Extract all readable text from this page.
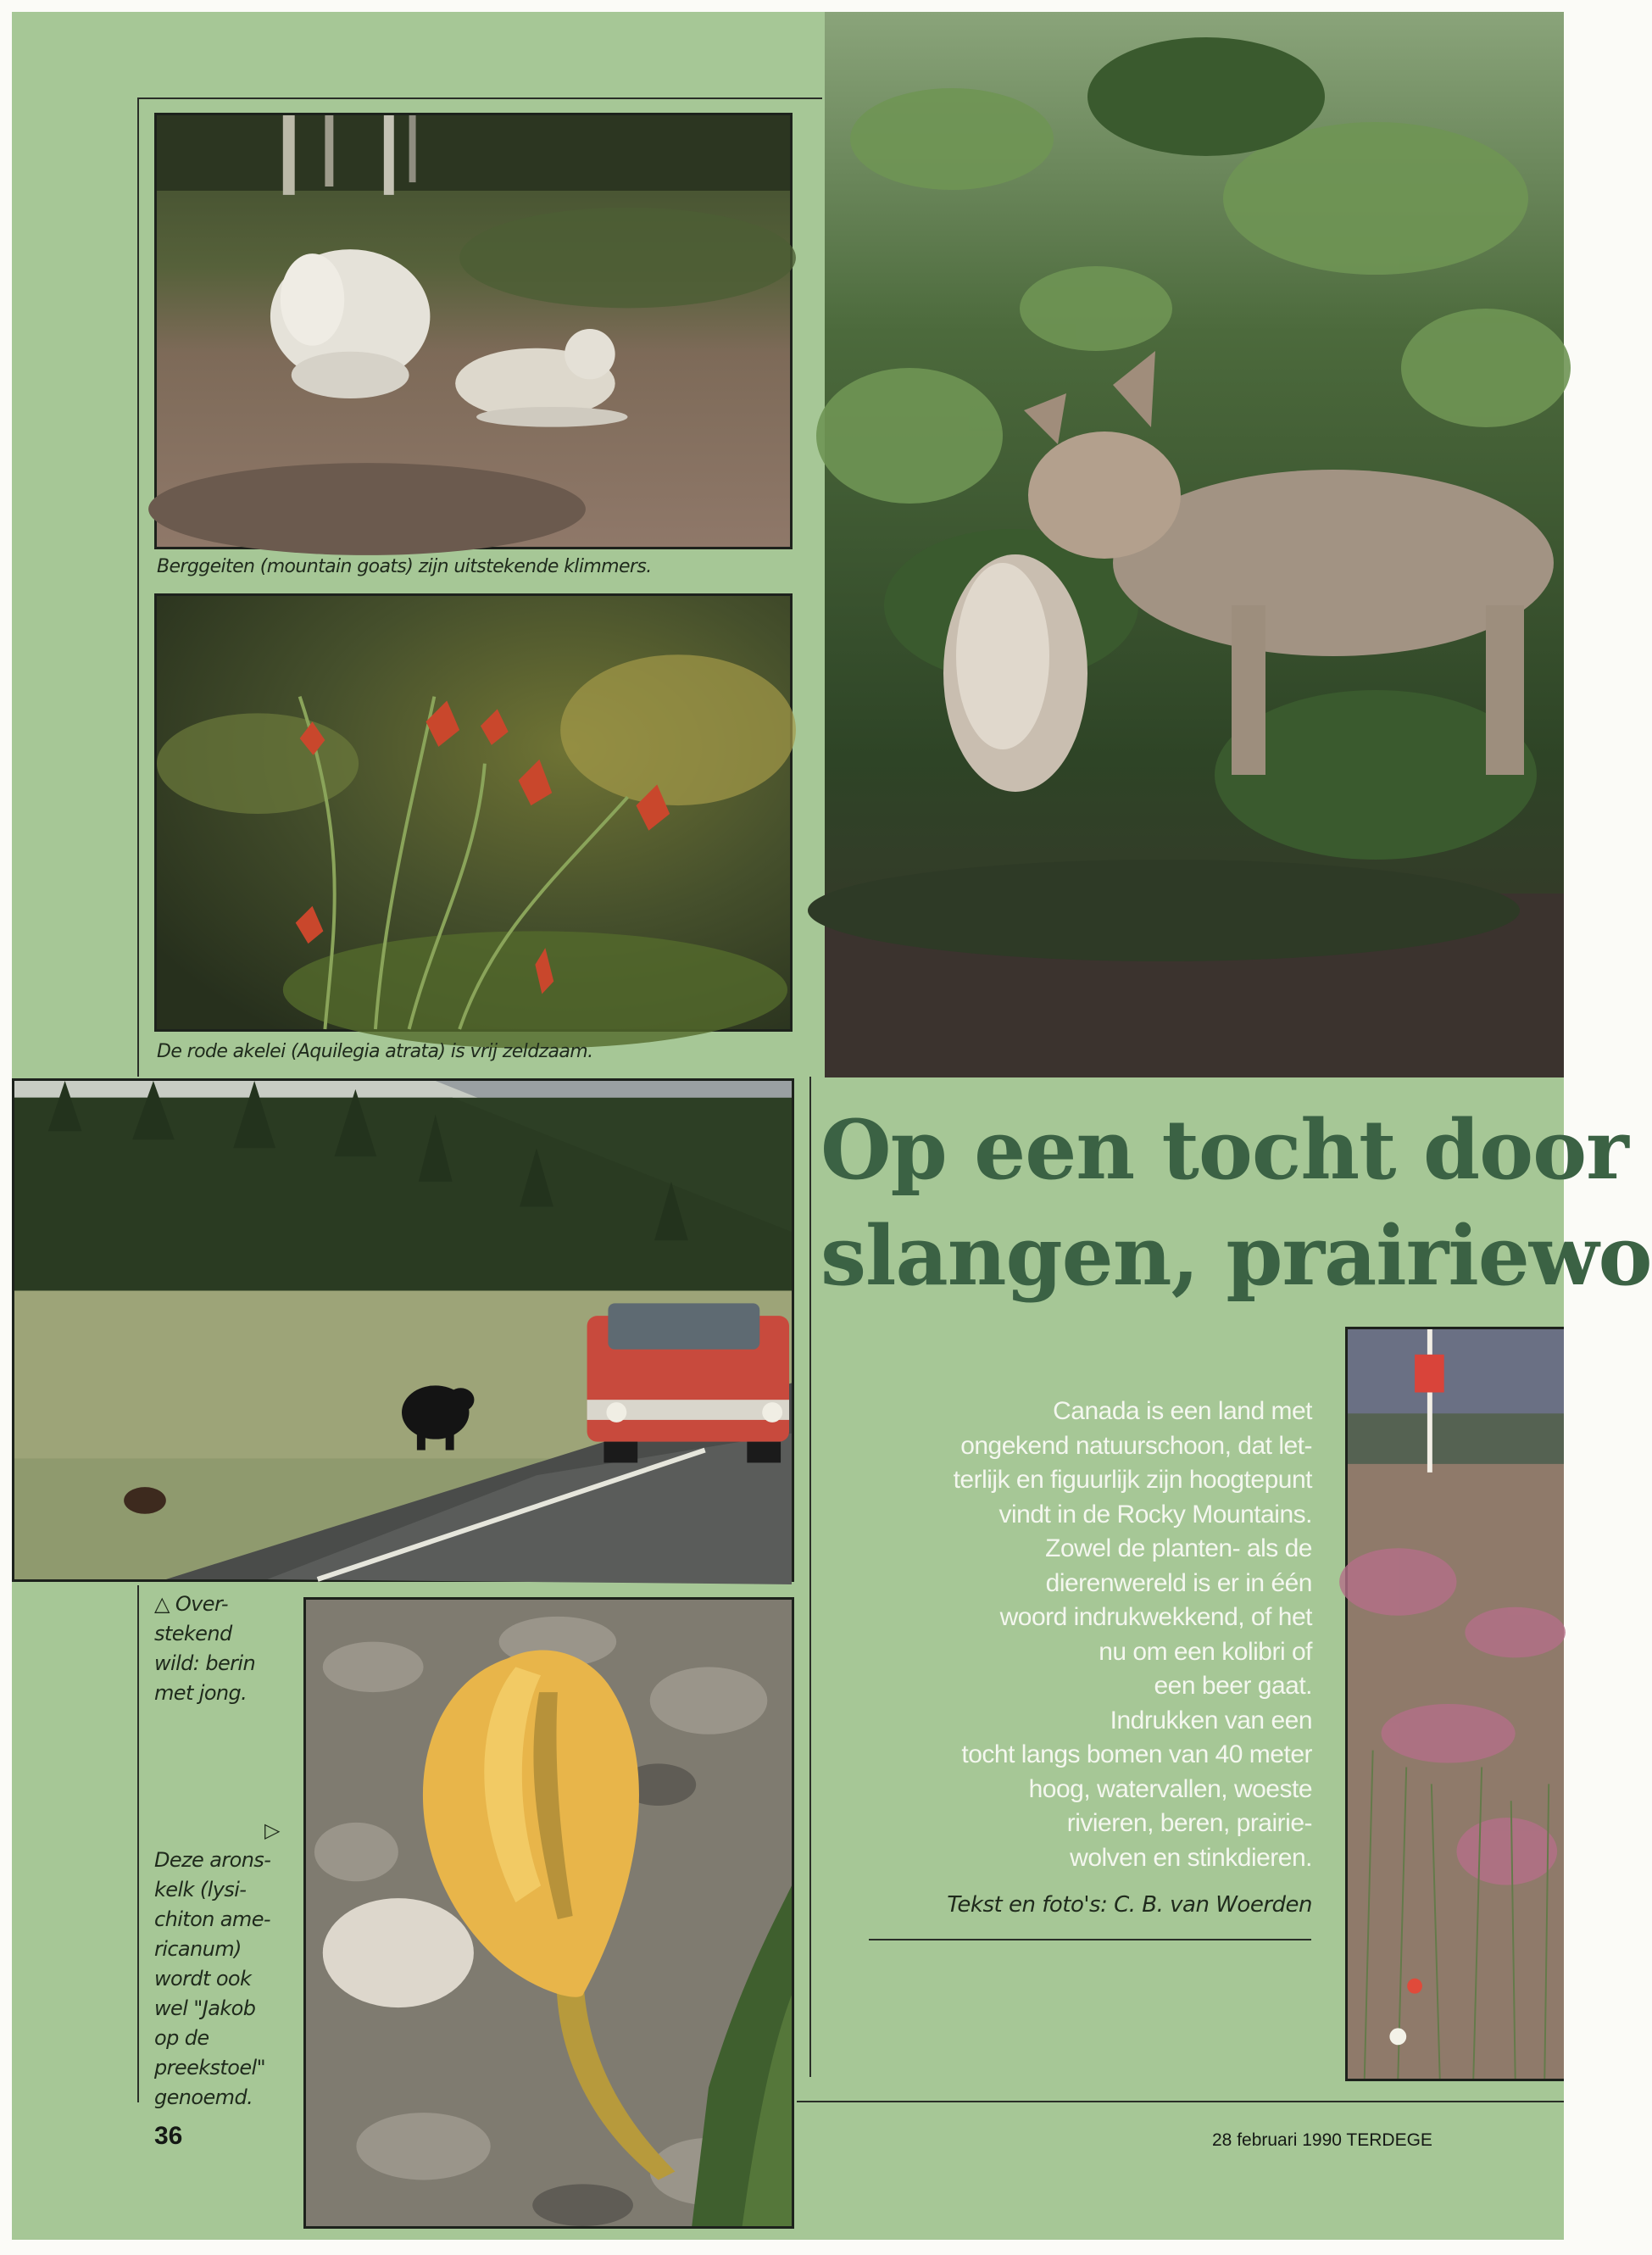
Berggeiten (mountain goats) zijn uitstekende klimmers.
De rode akelei (Aquilegia atrata) is vrij zeldzaam.
△ Over-
stekend
wild: berin
met jong.
▷
Deze arons-
kelk (lysi-
chiton ame-
ricanum)
wordt ook
wel "Jakob
op de
preekstoel"
genoemd.
Op een tocht door
slangen, prairiewo
Canada is een land met
ongekend natuurschoon, dat let-
terlijk en figuurlijk zijn hoogtepunt
vindt in de Rocky Mountains.
Zowel de planten- als de
dierenwereld is er in één
woord indrukwekkend, of het
nu om een kolibri of
een beer gaat.
Indrukken van een
tocht langs bomen van 40 meter
hoog, watervallen, woeste
rivieren, beren, prairie-
wolven en stinkdieren.
Tekst en foto's: C. B. van Woerden
36	28 februari 1990 TERDEGE
